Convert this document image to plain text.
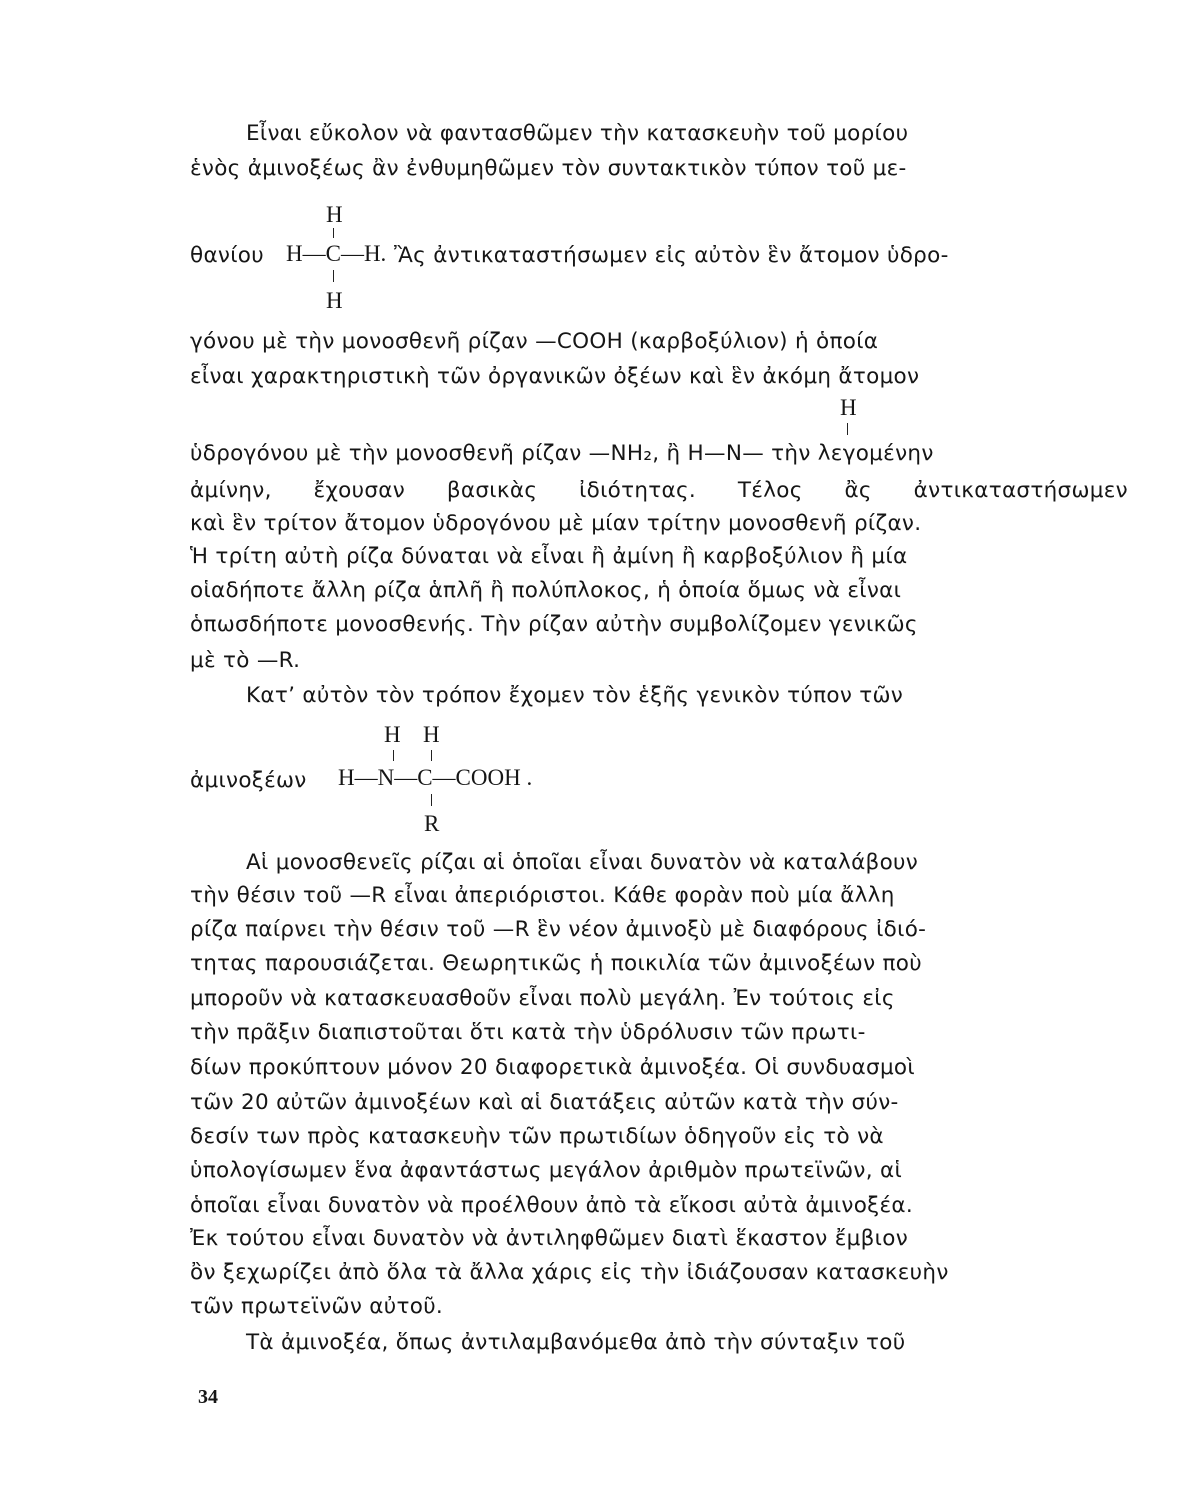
Εἶναι εὔκολον νὰ φαντασθῶμεν τὴν κατασκευὴν τοῦ μορίου
ἑνὸς ἀμινοξέως ἂν ἐνθυμηθῶμεν τὸν συντακτικὸν τύπον τοῦ με-
H
θανίου H—C—H. Ἂς ἀντικαταστήσωμεν εἰς αὐτὸν ἓν ἄτομον ὑδρο-
H
γόνου μὲ τὴν μονοσθενῆ ρίζαν —COOH (καρβοξύλιον) ἡ ὁποία
εἶναι χαρακτηριστικὴ τῶν ὀργανικῶν ὀξέων καὶ ἓν ἀκόμη ἄτομον
H
ὑδρογόνου μὲ τὴν μονοσθενῆ ρίζαν —NH₂, ἢ H—N— τὴν λεγομένην
ἀμίνην, ἔχουσαν βασικὰς ἰδιότητας. Τέλος ἂς ἀντικαταστήσωμεν
καὶ ἓν τρίτον ἄτομον ὑδρογόνου μὲ μίαν τρίτην μονοσθενῆ ρίζαν.
Ἡ τρίτη αὐτὴ ρίζα δύναται νὰ εἶναι ἢ ἀμίνη ἢ καρβοξύλιον ἢ μία
οἱαδήποτε ἄλλη ρίζα ἁπλῆ ἢ πολύπλοκος, ἡ ὁποία ὅμως νὰ εἶναι
ὁπωσδήποτε μονοσθενής. Τὴν ρίζαν αὐτὴν συμβολίζομεν γενικῶς
μὲ τὸ —R.
Κατ’ αὐτὸν τὸν τρόπον ἔχομεν τὸν ἑξῆς γενικὸν τύπον τῶν
H H
ἀμινοξέων H—N—C—COOH .
R
Αἱ μονοσθενεῖς ρίζαι αἱ ὁποῖαι εἶναι δυνατὸν νὰ καταλάβουν
τὴν θέσιν τοῦ —R εἶναι ἀπεριόριστοι. Κάθε φορὰν ποὺ μία ἄλλη
ρίζα παίρνει τὴν θέσιν τοῦ —R ἓν νέον ἀμινοξὺ μὲ διαφόρους ἰδιό-
τητας παρουσιάζεται. Θεωρητικῶς ἡ ποικιλία τῶν ἀμινοξέων ποὺ
μποροῦν νὰ κατασκευασθοῦν εἶναι πολὺ μεγάλη. Ἐν τούτοις εἰς
τὴν πρᾶξιν διαπιστοῦται ὅτι κατὰ τὴν ὑδρόλυσιν τῶν πρωτι-
δίων προκύπτουν μόνον 20 διαφορετικὰ ἀμινοξέα. Οἱ συνδυασμοὶ
τῶν 20 αὐτῶν ἀμινοξέων καὶ αἱ διατάξεις αὐτῶν κατὰ τὴν σύν-
δεσίν των πρὸς κατασκευὴν τῶν πρωτιδίων ὁδηγοῦν εἰς τὸ νὰ
ὑπολογίσωμεν ἕνα ἀφαντάστως μεγάλον ἀριθμὸν πρωτεϊνῶν, αἱ
ὁποῖαι εἶναι δυνατὸν νὰ προέλθουν ἀπὸ τὰ εἴκοσι αὐτὰ ἀμινοξέα.
Ἐκ τούτου εἶναι δυνατὸν νὰ ἀντιληφθῶμεν διατὶ ἕκαστον ἔμβιον
ὂν ξεχωρίζει ἀπὸ ὅλα τὰ ἄλλα χάρις εἰς τὴν ἰδιάζουσαν κατασκευὴν
τῶν πρωτεϊνῶν αὐτοῦ.
Τὰ ἀμινοξέα, ὅπως ἀντιλαμβανόμεθα ἀπὸ τὴν σύνταξιν τοῦ
34
